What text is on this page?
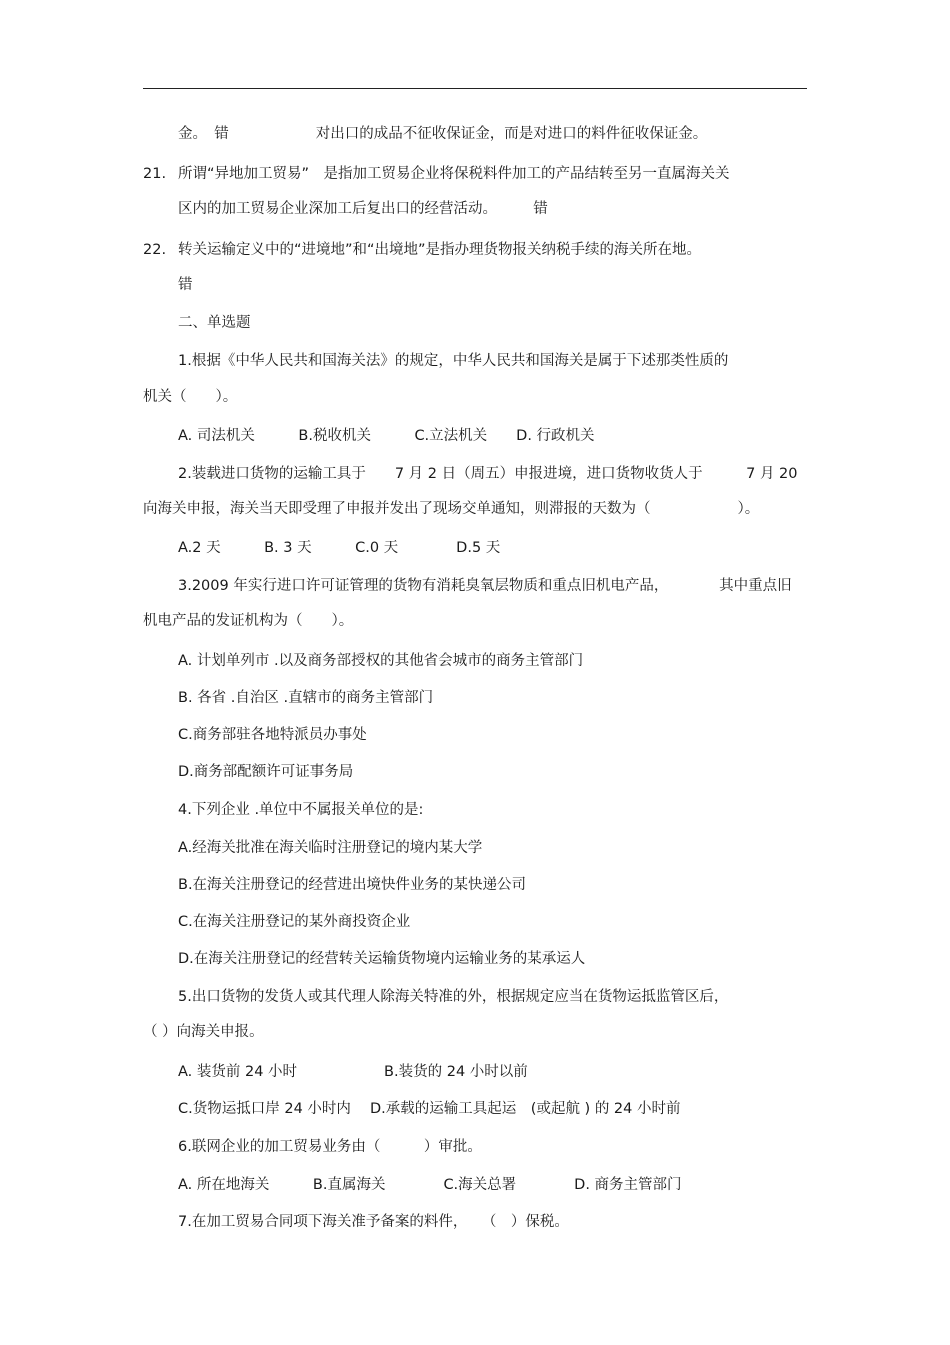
金。　错　　　　　　对出口的成品不征收保证金，而是对进口的料件征收保证金。
21. 所谓“异地加工贸易”　是指加工贸易企业将保税料件加工的产品结转至另一直属海关关
区内的加工贸易企业深加工后复出口的经营活动。　　　错
22. 转关运输定义中的“进境地”和“出境地”是指办理货物报关纳税手续的海关所在地。
错
二、单选题
1.根据《中华人民共和国海关法》的规定，中华人民共和国海关是属于下述那类性质的
机关（　　）。
A. 司法机关　　　B.税收机关　　　C.立法机关　　D. 行政机关
2.装载进口货物的运输工具于　　7 月 2 日（周五）申报进境，进口货物收货人于　　　7 月 20
向海关申报，海关当天即受理了申报并发出了现场交单通知，则滞报的天数为（　　　　　　）。
A.2 天　　　B. 3 天　　　C.0 天　　　　D.5 天
3.2009 年实行进口许可证管理的货物有消耗臭氧层物质和重点旧机电产品，　　　　其中重点旧
机电产品的发证机构为（　　）。
A. 计划单列市 .以及商务部授权的其他省会城市的商务主管部门
B. 各省 .自治区 .直辖市的商务主管部门
C.商务部驻各地特派员办事处
D.商务部配额许可证事务局
4.下列企业 .单位中不属报关单位的是:
A.经海关批准在海关临时注册登记的境内某大学
B.在海关注册登记的经营进出境快件业务的某快递公司
C.在海关注册登记的某外商投资企业
D.在海关注册登记的经营转关运输货物境内运输业务的某承运人
5.出口货物的发货人或其代理人除海关特准的外，根据规定应当在货物运抵监管区后，
（ ）向海关申报。
A. 装货前 24 小时　　　　　　B.装货的 24 小时以前
C.货物运抵口岸 24 小时内　 D.承载的运输工具起运　(或起航 ) 的 24 小时前
6.联网企业的加工贸易业务由（　　　）审批。
A. 所在地海关　　　B.直属海关　　　　C.海关总署　　　　D. 商务主管部门
7.在加工贸易合同项下海关准予备案的料件，　　（　）保税。
